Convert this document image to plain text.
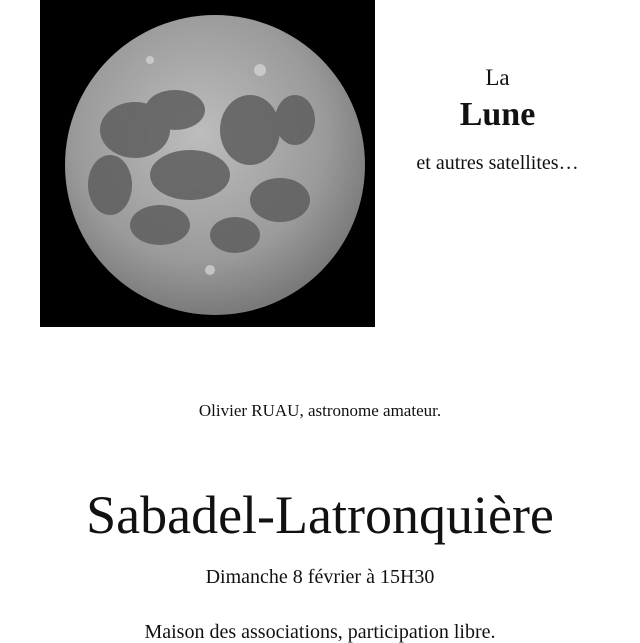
La
Lune
et autres satellites…
Olivier RUAU, astronome amateur.
Sabadel-Latronquière
Dimanche 8 février à 15H30
Maison des associations, participation libre.
